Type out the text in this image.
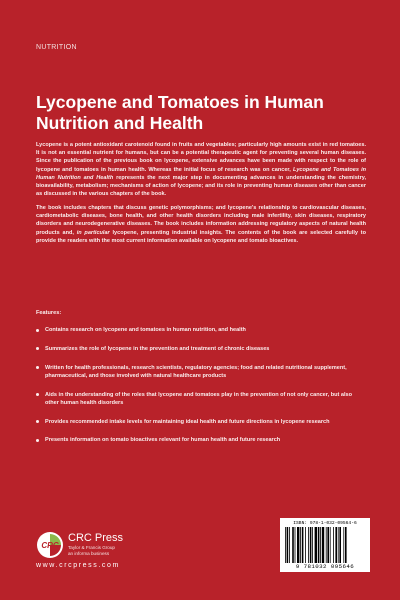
NUTRITION
Lycopene and Tomatoes in Human Nutrition and Health

Lycopene is a potent antioxidant carotenoid found in fruits and vegetables; particularly high amounts exist in red tomatoes. It is not an essential nutrient for humans, but can be a potential therapeutic agent for preventing several human diseases. Since the publication of the previous book on lycopene, extensive advances have been made with respect to the role of lycopene and tomatoes in human health. Whereas the initial focus of research was on cancer, Lycopene and Tomatoes in Human Nutrition and Health represents the next major step in documenting advances in understanding the chemistry, bioavailability, metabolism; mechanisms of action of lycopene; and its role in preventing human diseases other than cancer as discussed in the various chapters of the book.

The book includes chapters that discuss genetic polymorphisms; and lycopene's relationship to cardiovascular diseases, cardiometabolic diseases, bone health, and other health disorders including male infertility, skin diseases, respiratory disorders and neurodegenerative diseases. The book includes information addressing regulatory aspects of natural health products and, in particular lycopene, presenting industrial insights. The contents of the book are selected carefully to provide the readers with the most current information available on lycopene and tomato bioactives.

Features:
Contains research on lycopene and tomatoes in human nutrition, and health
Summarizes the role of lycopene in the prevention and treatment of chronic diseases
Written for health professionals, research scientists, regulatory agencies; food and related nutritional supplement, pharmaceutical, and those involved with natural healthcare products
Aids in the understanding of the roles that lycopene and tomatoes play in the prevention of not only cancer, but also other human health disorders
Provides recommended intake levels for maintaining ideal health and future directions in lycopene research
Presents information on tomato bioactives relevant for human health and future research
CRC
CRC Press
Taylor & Francis Group
an informa business
www.crcpress.com
ISBN: 978-1-032-09564-6
9 781032 095646
